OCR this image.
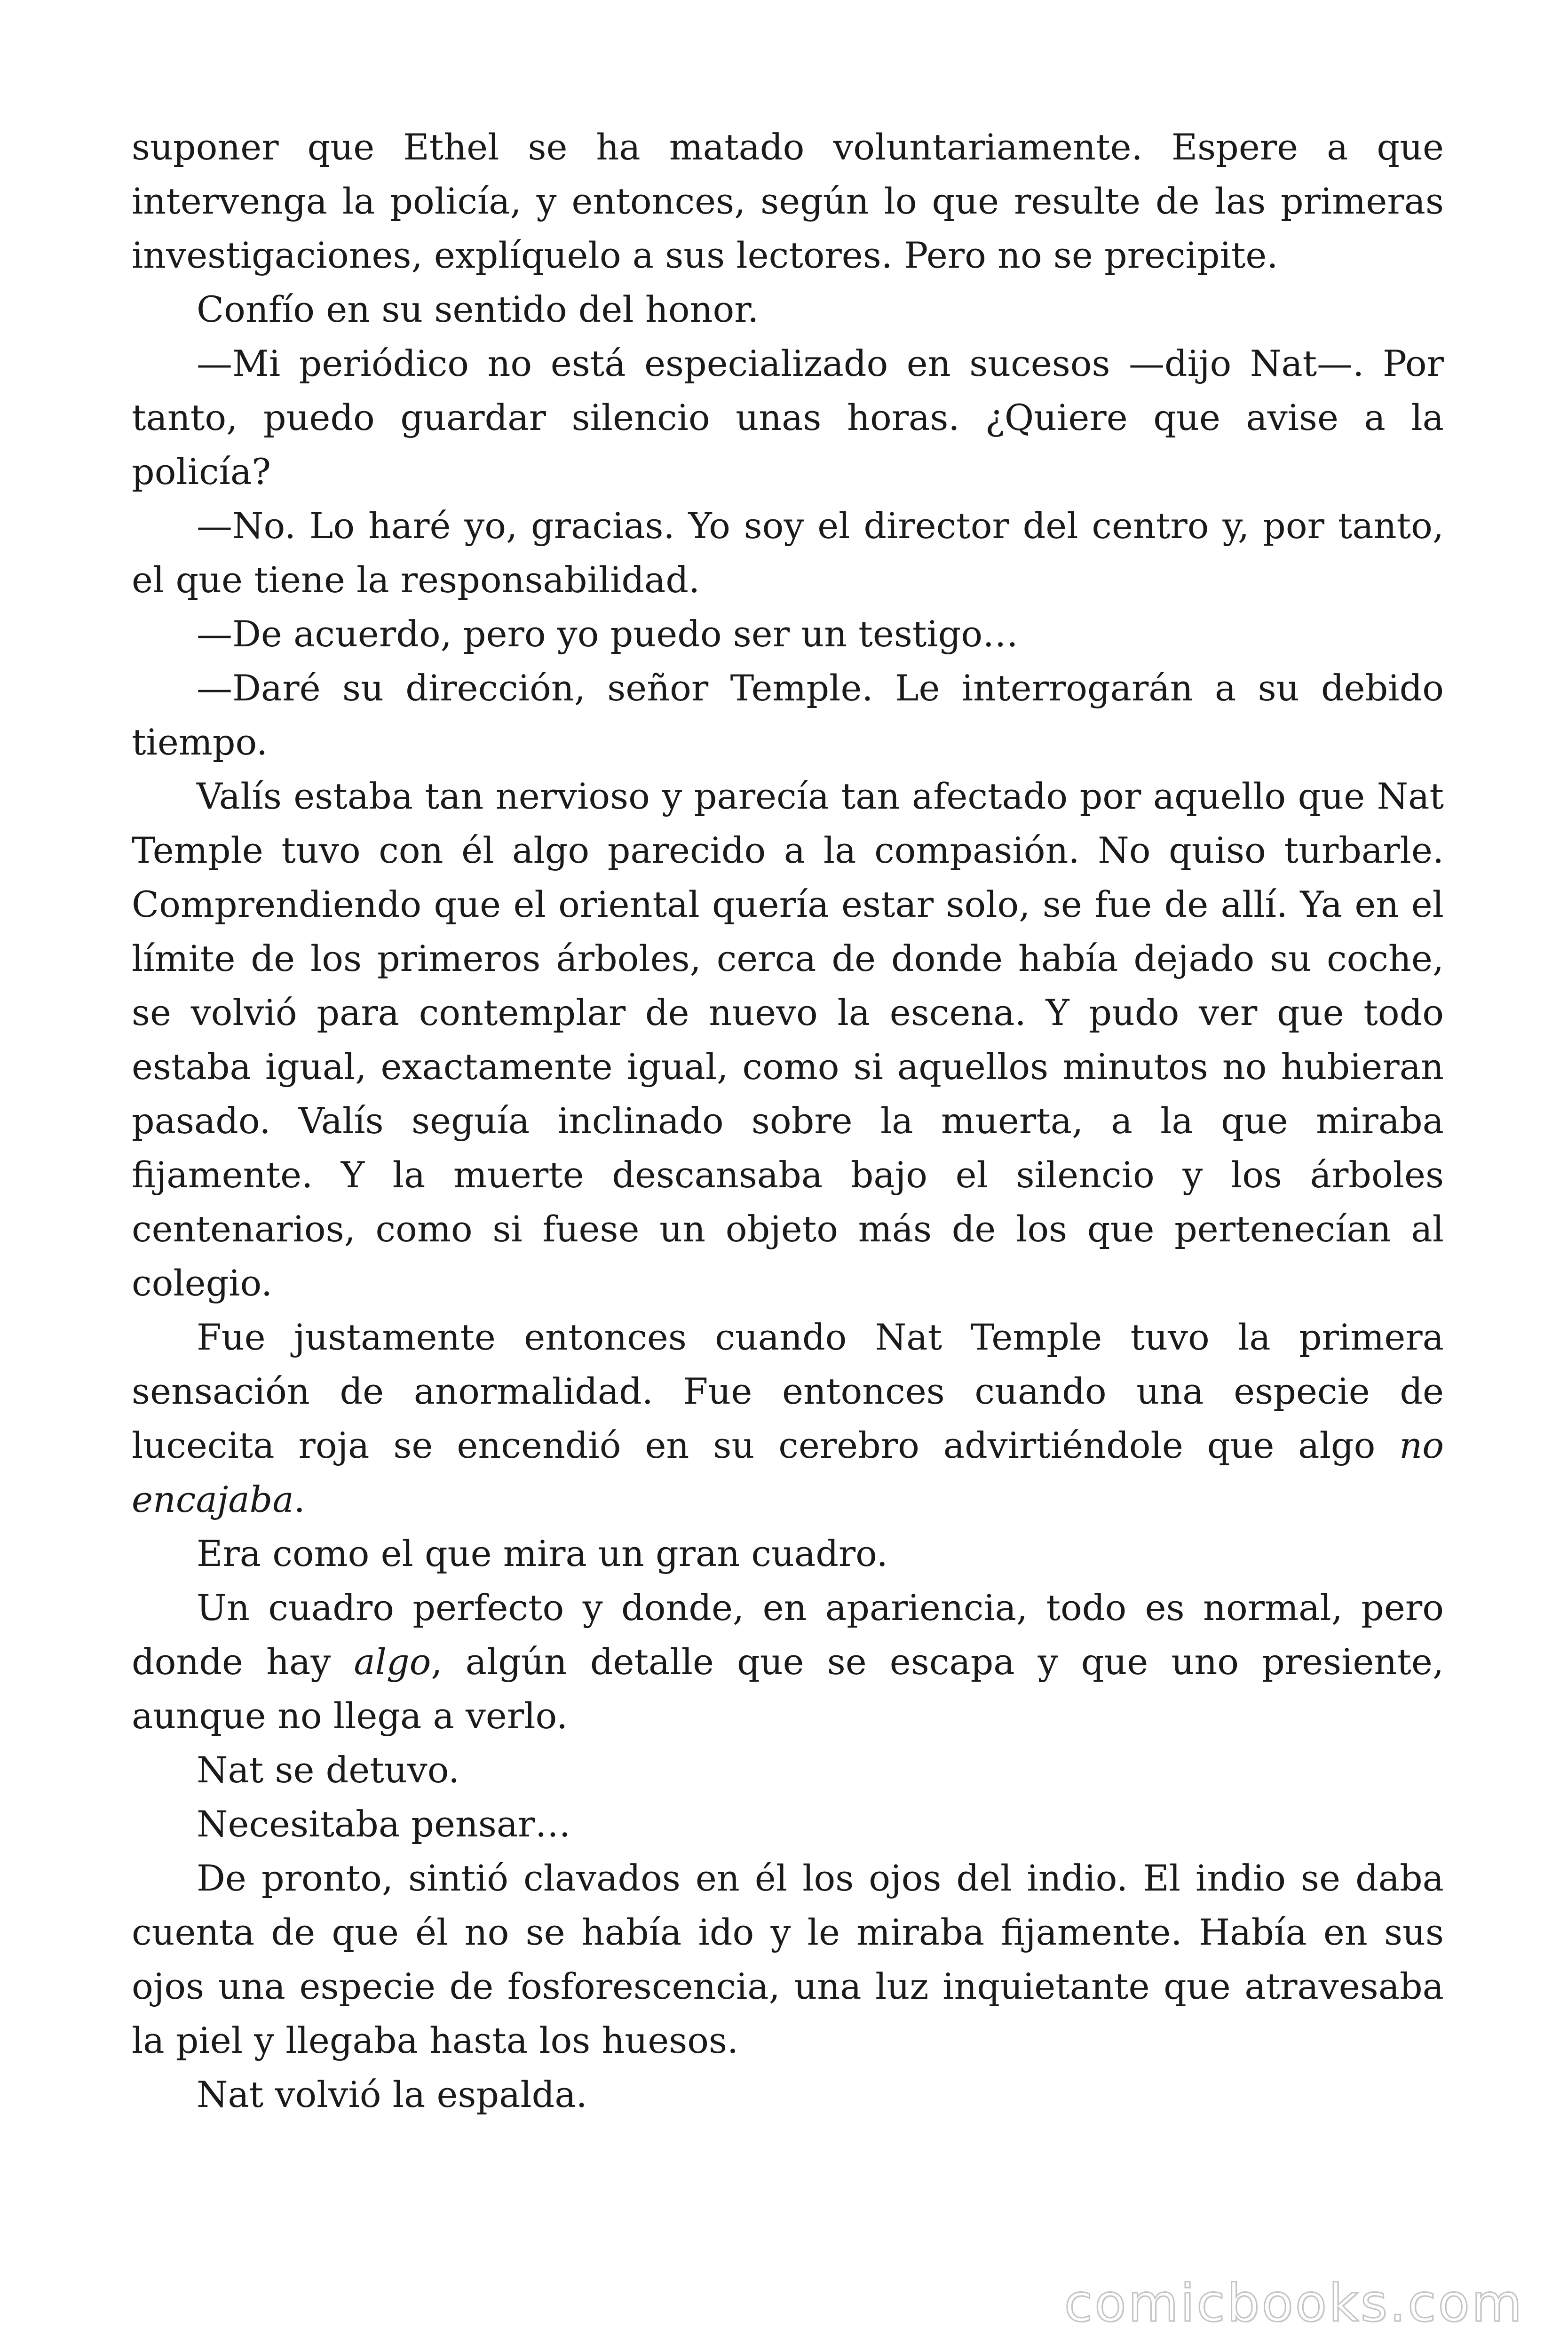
suponer que Ethel se ha matado voluntariamente. Espere a que intervenga la policía, y entonces, según lo que resulte de las primeras investigaciones, explíquelo a sus lectores. Pero no se precipite.

Confío en su sentido del honor.

—Mi periódico no está especializado en sucesos —dijo Nat—. Por tanto, puedo guardar silencio unas horas. ¿Quiere que avise a la policía?

—No. Lo haré yo, gracias. Yo soy el director del centro y, por tanto, el que tiene la responsabilidad.

—De acuerdo, pero yo puedo ser un testigo…

—Daré su dirección, señor Temple. Le interrogarán a su debido tiempo.

Valís estaba tan nervioso y parecía tan afectado por aquello que Nat Temple tuvo con él algo parecido a la compasión. No quiso turbarle. Comprendiendo que el oriental quería estar solo, se fue de allí. Ya en el límite de los primeros árboles, cerca de donde había dejado su coche, se volvió para contemplar de nuevo la escena. Y pudo ver que todo estaba igual, exactamente igual, como si aquellos minutos no hubieran pasado. Valís seguía inclinado sobre la muerta, a la que miraba fijamente. Y la muerte descansaba bajo el silencio y los árboles centenarios, como si fuese un objeto más de los que pertenecían al colegio.

Fue justamente entonces cuando Nat Temple tuvo la primera sensación de anormalidad. Fue entonces cuando una especie de lucecita roja se encendió en su cerebro advirtiéndole que algo no encajaba.

Era como el que mira un gran cuadro.

Un cuadro perfecto y donde, en apariencia, todo es normal, pero donde hay algo, algún detalle que se escapa y que uno presiente, aunque no llega a verlo.

Nat se detuvo.

Necesitaba pensar…

De pronto, sintió clavados en él los ojos del indio. El indio se daba cuenta de que él no se había ido y le miraba fijamente. Había en sus ojos una especie de fosforescencia, una luz inquietante que atravesaba la piel y llegaba hasta los huesos.

Nat volvió la espalda.

comicbooks.com
